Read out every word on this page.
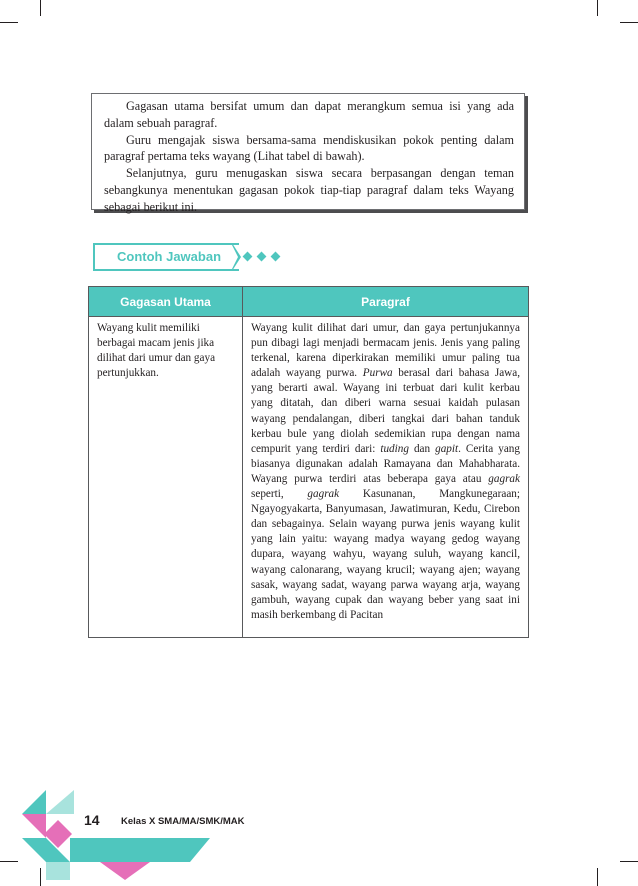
Gagasan utama bersifat umum dan dapat merangkum semua isi yang ada dalam sebuah paragraf.

Guru mengajak siswa bersama-sama mendiskusikan pokok penting dalam paragraf pertama teks wayang (Lihat tabel di bawah).

Selanjutnya, guru menugaskan siswa secara berpasangan dengan teman sebangkunya menentukan gagasan pokok tiap-tiap paragraf dalam teks Wayang sebagai berikut ini.

Contoh Jawaban
Gagasan Utama	Paragraf
Wayang kulit memiliki berbagai macam jenis jika dilihat dari umur dan gaya pertunjukkan.	Wayang kulit dilihat dari umur, dan gaya pertunjukannya pun dibagi lagi menjadi bermacam jenis. Jenis yang paling terkenal, karena diperkirakan memiliki umur paling tua adalah wayang purwa. Purwa berasal dari bahasa Jawa, yang berarti awal. Wayang ini terbuat dari kulit kerbau yang ditatah, dan diberi warna sesuai kaidah pulasan wayang pendalangan, diberi tangkai dari bahan tanduk kerbau bule yang diolah sedemikian rupa dengan nama cempurit yang terdiri dari: tuding dan gapit. Cerita yang biasanya digunakan adalah Ramayana dan Mahabharata. Wayang purwa terdiri atas beberapa gaya atau gagrak seperti, gagrak Kasunanan, Mangkunegaraan; Ngayogyakarta, Banyumasan, Jawatimuran, Kedu, Cirebon dan sebagainya. Selain wayang purwa jenis wayang kulit yang lain yaitu: wayang madya wayang gedog wayang dupara, wayang wahyu, wayang suluh, wayang kancil, wayang calonarang, wayang krucil; wayang ajen; wayang sasak, wayang sadat, wayang parwa wayang arja, wayang gambuh, wayang cupak dan wayang beber yang saat ini masih berkembang di Pacitan
14 Kelas X SMA/MA/SMK/MAK
